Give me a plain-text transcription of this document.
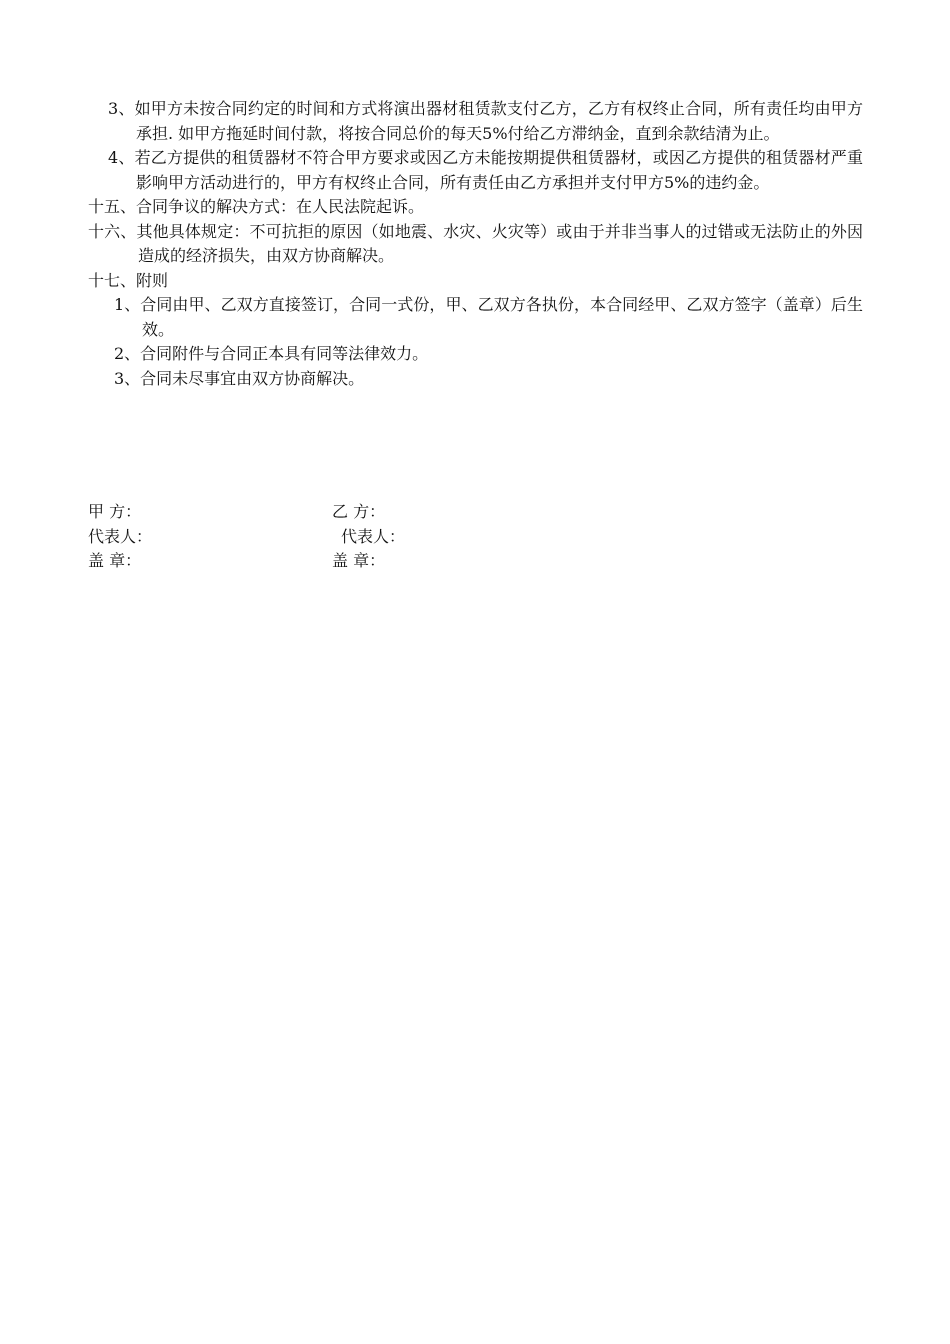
3、如甲方未按合同约定的时间和方式将演出器材租赁款支付乙方，乙方有权终止合同，所有责任均由甲方承担. 如甲方拖延时间付款，将按合同总价的每天5%付给乙方滞纳金，直到余款结清为止。

4、若乙方提供的租赁器材不符合甲方要求或因乙方未能按期提供租赁器材，或因乙方提供的租赁器材严重影响甲方活动进行的，甲方有权终止合同，所有责任由乙方承担并支付甲方5%的违约金。

十五、合同争议的解决方式：在人民法院起诉。

十六、其他具体规定：不可抗拒的原因（如地震、水灾、火灾等）或由于并非当事人的过错或无法防止的外因造成的经济损失，由双方协商解决。

十七、附则

1、合同由甲、乙双方直接签订，合同一式份，甲、乙双方各执份，本合同经甲、乙双方签字（盖章）后生效。

2、合同附件与合同正本具有同等法律效力。

3、合同未尽事宜由双方协商解决。

甲 方：	乙 方：
代表人：	代表人：
盖 章：	盖 章：
